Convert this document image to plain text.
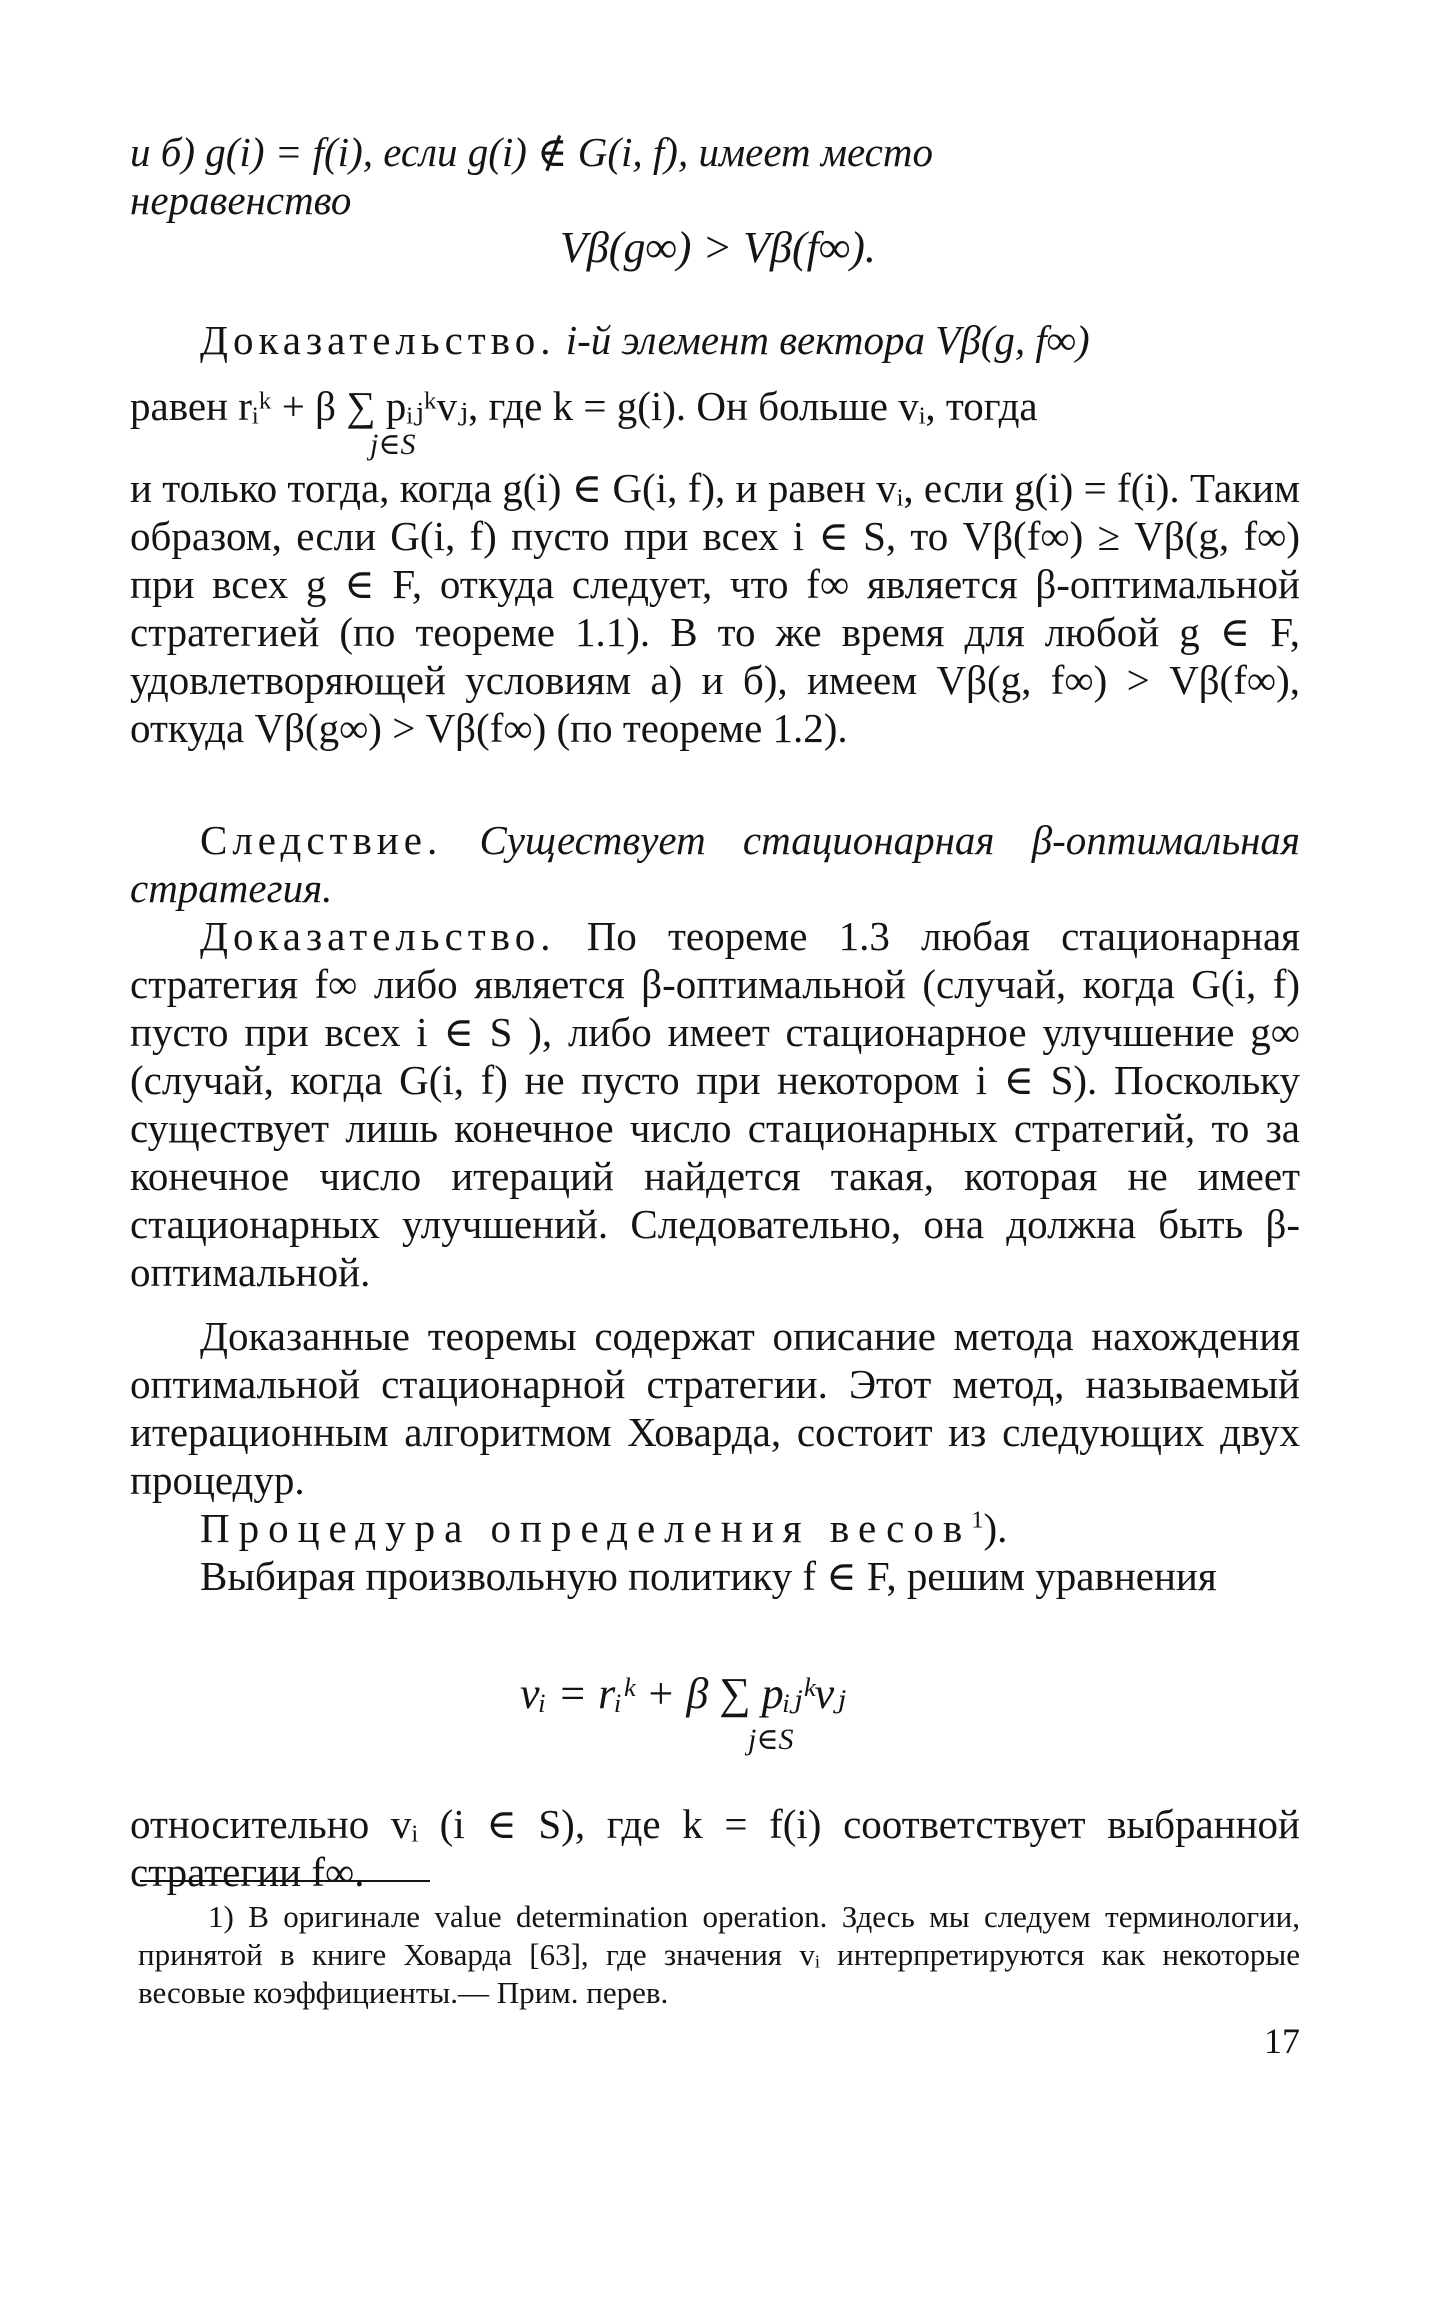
и б) g(i) = f(i), если g(i) ∉ G(i, f), имеет место
неравенство
Vβ(g∞) > Vβ(f∞).
Доказательство. i-й элемент вектора Vβ(g, f∞)
равен rᵢᵏ + β ∑ pᵢⱼᵏvⱼ, где k = g(i). Он больше vᵢ, тогда
j∈S
и только тогда, когда g(i) ∈ G(i, f), и равен vᵢ, если g(i) = f(i). Таким образом, если G(i, f) пусто при всех i ∈ S, то Vβ(f∞) ≥ Vβ(g, f∞) при всех g ∈ F, откуда следует, что f∞ является β-оптимальной стратегией (по теореме 1.1). В то же время для любой g ∈ F, удовлетворяющей условиям а) и б), имеем Vβ(g, f∞) > Vβ(f∞), откуда Vβ(g∞) > Vβ(f∞) (по теореме 1.2).
Следствие. Существует стационарная β-оптимальная стратегия.
Доказательство. По теореме 1.3 любая стационарная стратегия f∞ либо является β-оптимальной (случай, когда G(i, f) пусто при всех i ∈ S ), либо имеет стационарное улучшение g∞ (случай, когда G(i, f) не пусто при некотором i ∈ S). Поскольку существует лишь конечное число стационарных стратегий, то за конечное число итераций найдется такая, которая не имеет стационарных улучшений. Следовательно, она должна быть β-оптимальной.
Доказанные теоремы содержат описание метода нахождения оптимальной стационарной стратегии. Этот метод, называемый итерационным алгоритмом Ховарда, состоит из следующих двух процедур.
Процедура определения весов$^1$).
Выбирая произвольную политику f ∈ F, решим уравнения
vᵢ = rᵢᵏ + β ∑ pᵢⱼᵏvⱼ
j∈S
относительно vᵢ (i ∈ S), где k = f(i) соответствует выбранной стратегии f∞.
1) В оригинале value determination operation. Здесь мы следуем терминологии, принятой в книге Ховарда [63], где значения vᵢ интерпретируются как некоторые весовые коэффициенты.— Прим. перев.
17
